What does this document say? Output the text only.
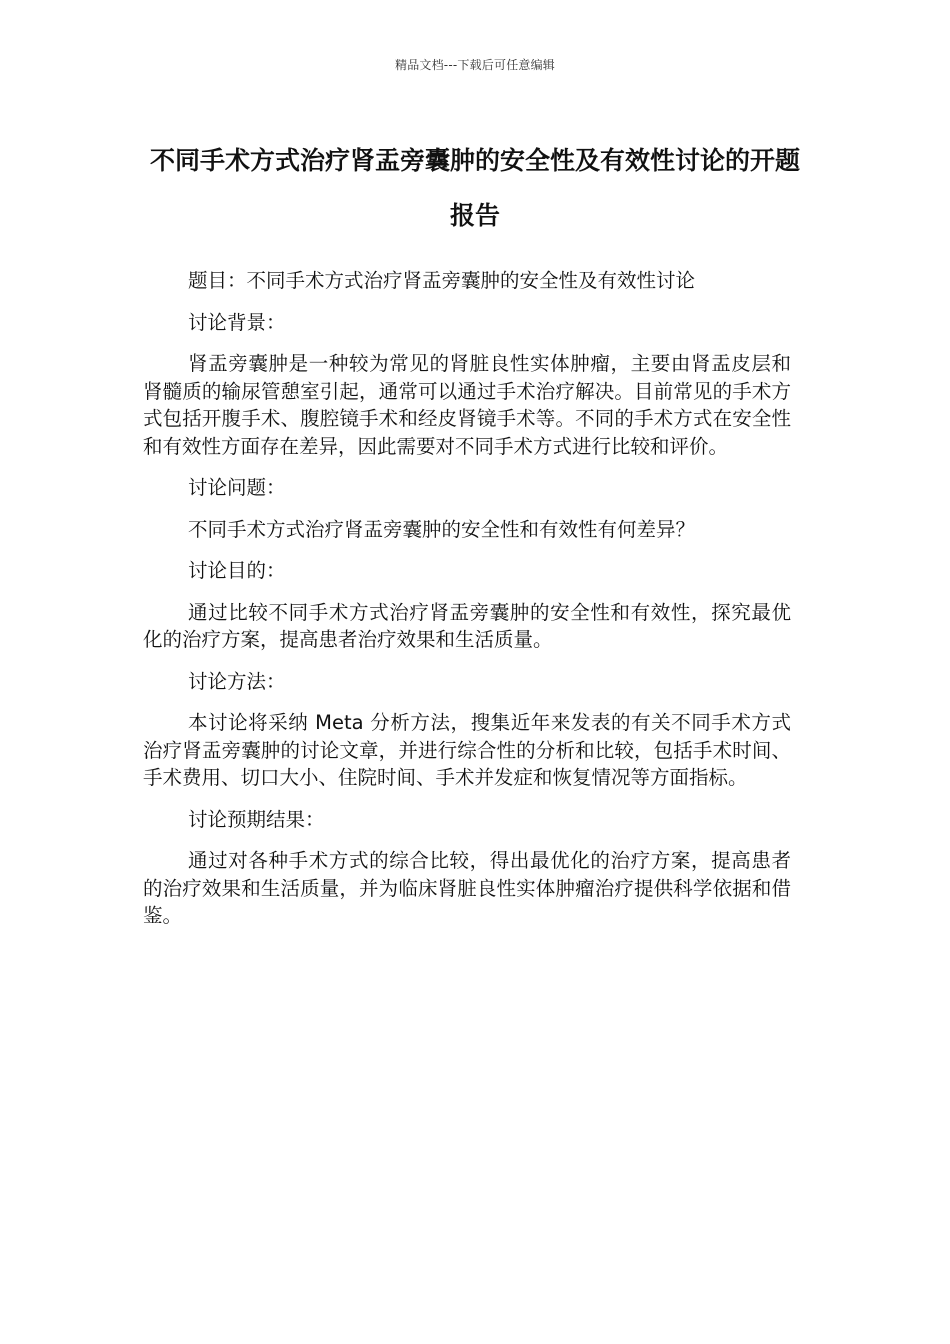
精品文档---下载后可任意编辑
不同手术方式治疗肾盂旁囊肿的安全性及有效性讨论的开题报告

题目：不同手术方式治疗肾盂旁囊肿的安全性及有效性讨论

讨论背景：

肾盂旁囊肿是一种较为常见的肾脏良性实体肿瘤，主要由肾盂皮层和肾髓质的输尿管憩室引起，通常可以通过手术治疗解决。目前常见的手术方式包括开腹手术、腹腔镜手术和经皮肾镜手术等。不同的手术方式在安全性和有效性方面存在差异，因此需要对不同手术方式进行比较和评价。

讨论问题：

不同手术方式治疗肾盂旁囊肿的安全性和有效性有何差异？

讨论目的：

通过比较不同手术方式治疗肾盂旁囊肿的安全性和有效性，探究最优化的治疗方案，提高患者治疗效果和生活质量。

讨论方法：

本讨论将采纳 Meta 分析方法，搜集近年来发表的有关不同手术方式治疗肾盂旁囊肿的讨论文章，并进行综合性的分析和比较，包括手术时间、手术费用、切口大小、住院时间、手术并发症和恢复情况等方面指标。

讨论预期结果：

通过对各种手术方式的综合比较，得出最优化的治疗方案，提高患者的治疗效果和生活质量，并为临床肾脏良性实体肿瘤治疗提供科学依据和借鉴。
